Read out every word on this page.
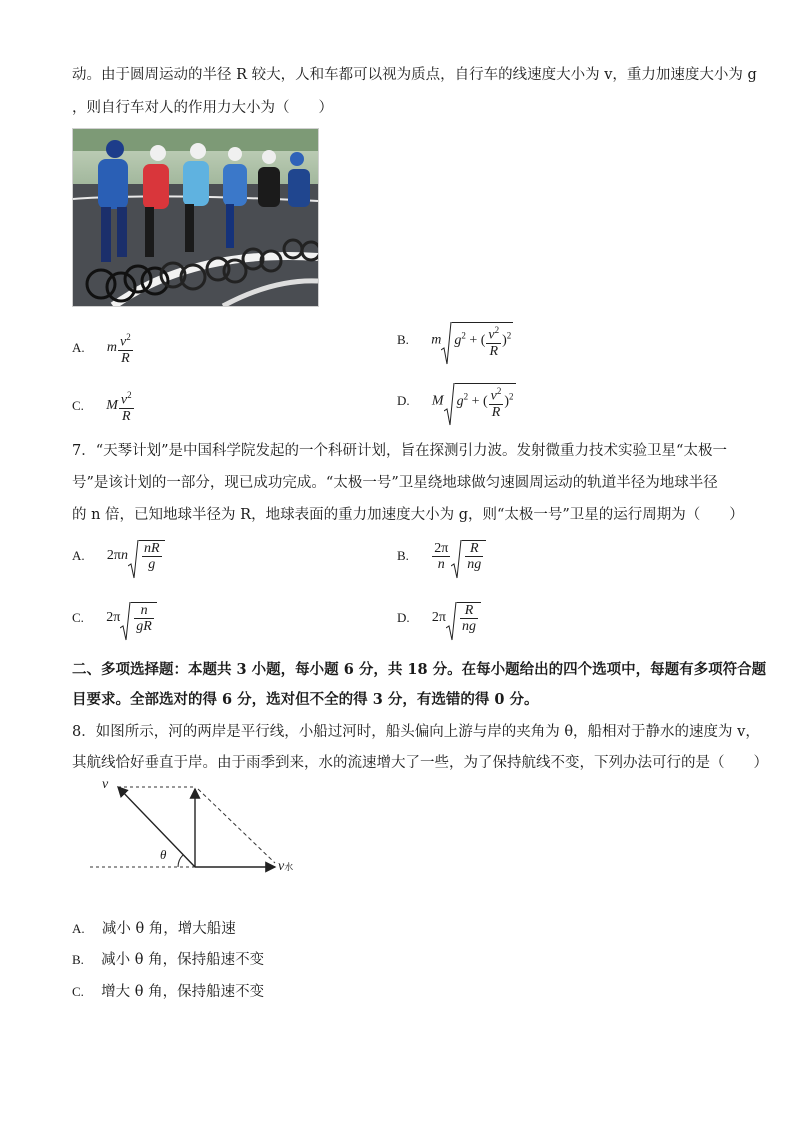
动。由于圆周运动的半径 R 较大，人和车都可以视为质点，自行车的线速度大小为 v，重力加速度大小为 g
，则自行车对人的作用力大小为（　　）
A. m $\frac{v^2}{R}$	B. m $g^2$ + ( $\frac{v^2}{R} )^2$
C. M $\frac{v^2}{R}$	D. M $g^2$ + ( $\frac{v^2}{R} )^2$
7．“天琴计划”是中国科学院发起的一个科研计划，旨在探测引力波。发射微重力技术实验卫星“太极一
号”是该计划的一部分，现已成功完成。“太极一号”卫星绕地球做匀速圆周运动的轨道半径为地球半径
的 n 倍，已知地球半径为 R，地球表面的重力加速度大小为 g，则“太极一号”卫星的运行周期为（　　）
A.  $2\pi n \frac{nR}{g}$	B. $\frac{2\pi}{n} \frac{R}{ng}$
C.  $2\pi \frac{n}{gR}$	D.  $2\pi \frac{R}{ng}$
二、多项选择题：本题共 3 小题，每小题 6 分，共 18 分。在每小题给出的四个选项中，每题有多项符合题
目要求。全部选对的得 6 分，选对但不全的得 3 分，有选错的得 0 分。
8．如图所示，河的两岸是平行线，小船过河时，船头偏向上游与岸的夹角为 θ，船相对于静水的速度为 v，
其航线恰好垂直于岸。由于雨季到来，水的流速增大了一些，为了保持航线不变，下列办法可行的是（　　）
v
θ
v水
A. 减小 θ 角，增大船速
B. 减小 θ 角，保持船速不变
C. 增大 θ 角，保持船速不变
